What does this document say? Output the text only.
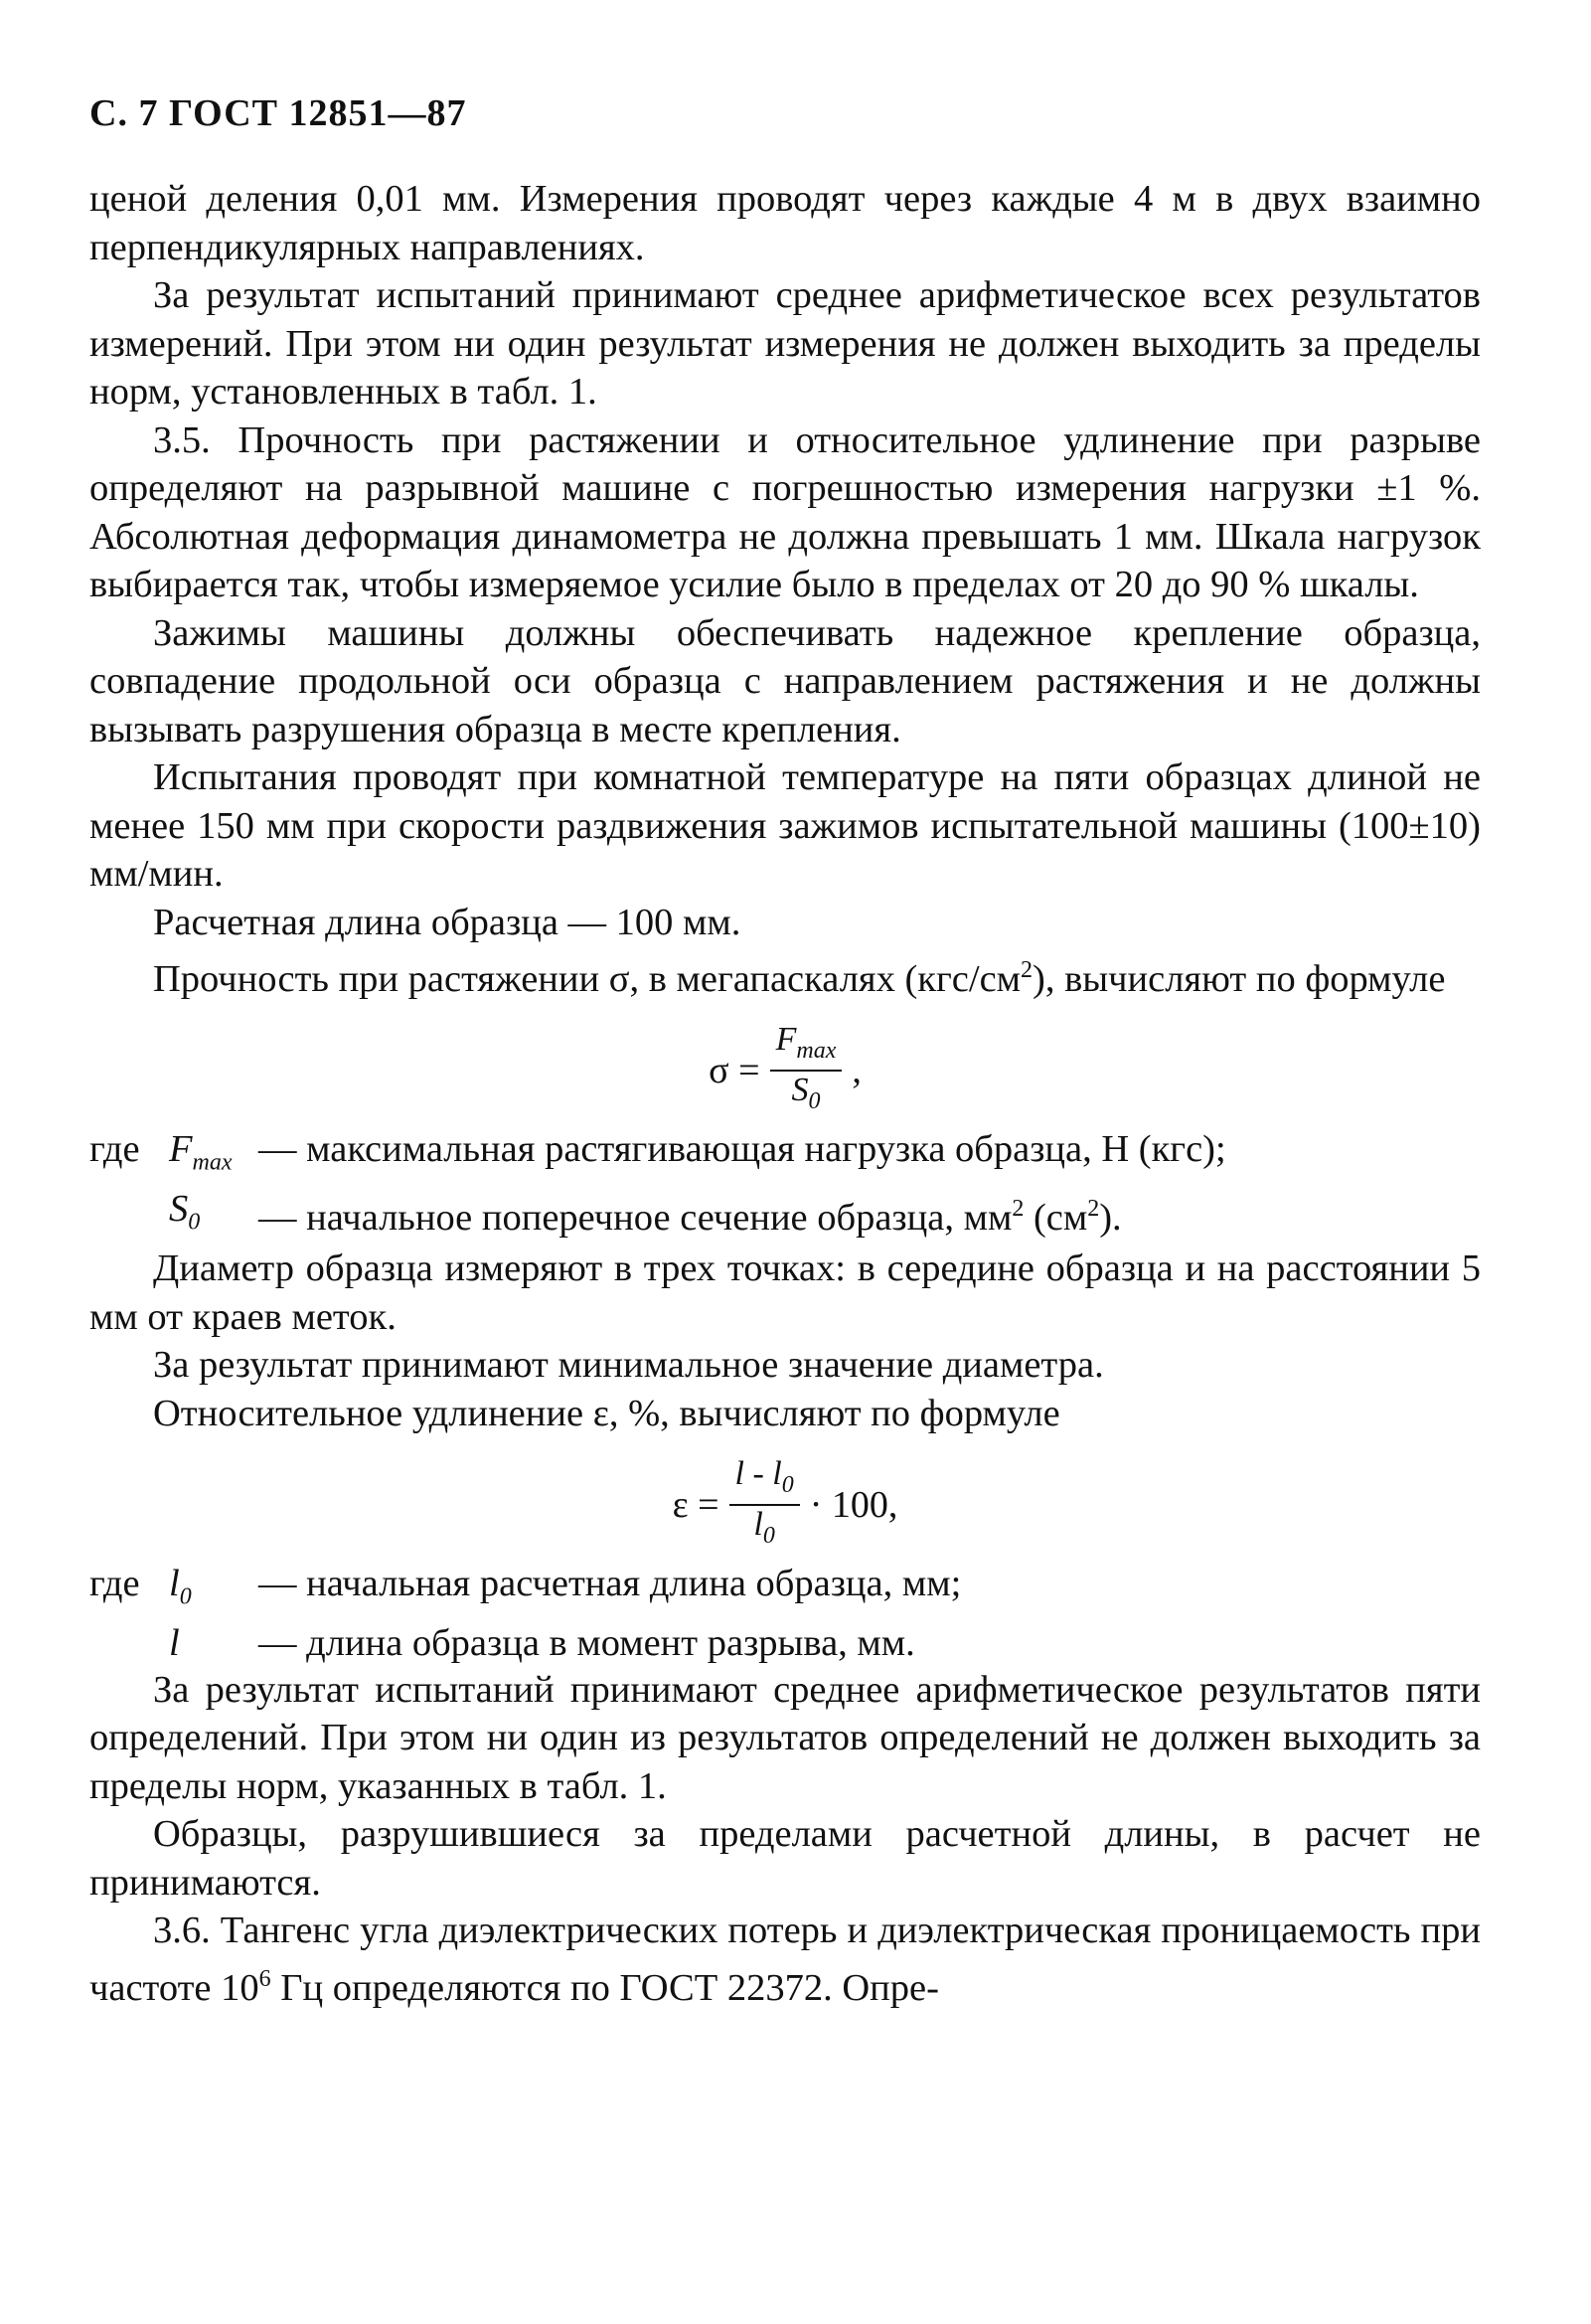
С. 7 ГОСТ 12851—87

ценой деления 0,01 мм. Измерения проводят через каждые 4 м в двух взаимно перпендикулярных направлениях.

За результат испытаний принимают среднее арифметическое всех результатов измерений. При этом ни один результат измерения не должен выходить за пределы норм, установленных в табл. 1.

3.5. Прочность при растяжении и относительное удлинение при разрыве определяют на разрывной машине с погрешностью измерения нагрузки ±1 %. Абсолютная деформация динамометра не должна превышать 1 мм. Шкала нагрузок выбирается так, чтобы измеряемое усилие было в пределах от 20 до 90 % шкалы.

Зажимы машины должны обеспечивать надежное крепление образца, совпадение продольной оси образца с направлением растяжения и не должны вызывать разрушения образца в месте крепления.

Испытания проводят при комнатной температуре на пяти образцах длиной не менее 150 мм при скорости раздвижения зажимов испытательной машины (100±10) мм/мин.

Расчетная длина образца — 100 мм.

Прочность при растяжении σ, в мегапаскалях $(кгс/см^2)$, вычисляют по формуле

$\sigma = \frac{F_{max}}{S_0}$ ,
где $F_{max}$ — максимальная растягивающая нагрузка образца, Н (кгс);
$S_0$	— начальное поперечное сечение образца, $мм^2$ $(см^2)$.

Диаметр образца измеряют в трех точках: в середине образца и на расстоянии 5 мм от краев меток.

За результат принимают минимальное значение диаметра.

Относительное удлинение ε, %, вычисляют по формуле

$\varepsilon = \frac{l - l_0}{l_0} \cdot 100$,
где $l_0$	— начальная расчетная длина образца, мм;
l	— длина образца в момент разрыва, мм.

За результат испытаний принимают среднее арифметическое результатов пяти определений. При этом ни один из результатов определений не должен выходить за пределы норм, указанных в табл. 1.

Образцы, разрушившиеся за пределами расчетной длины, в расчет не принимаются.

3.6. Тангенс угла диэлектрических потерь и диэлектрическая проницаемость при частоте $10^6$ Гц определяются по ГОСТ 22372. Опре-
